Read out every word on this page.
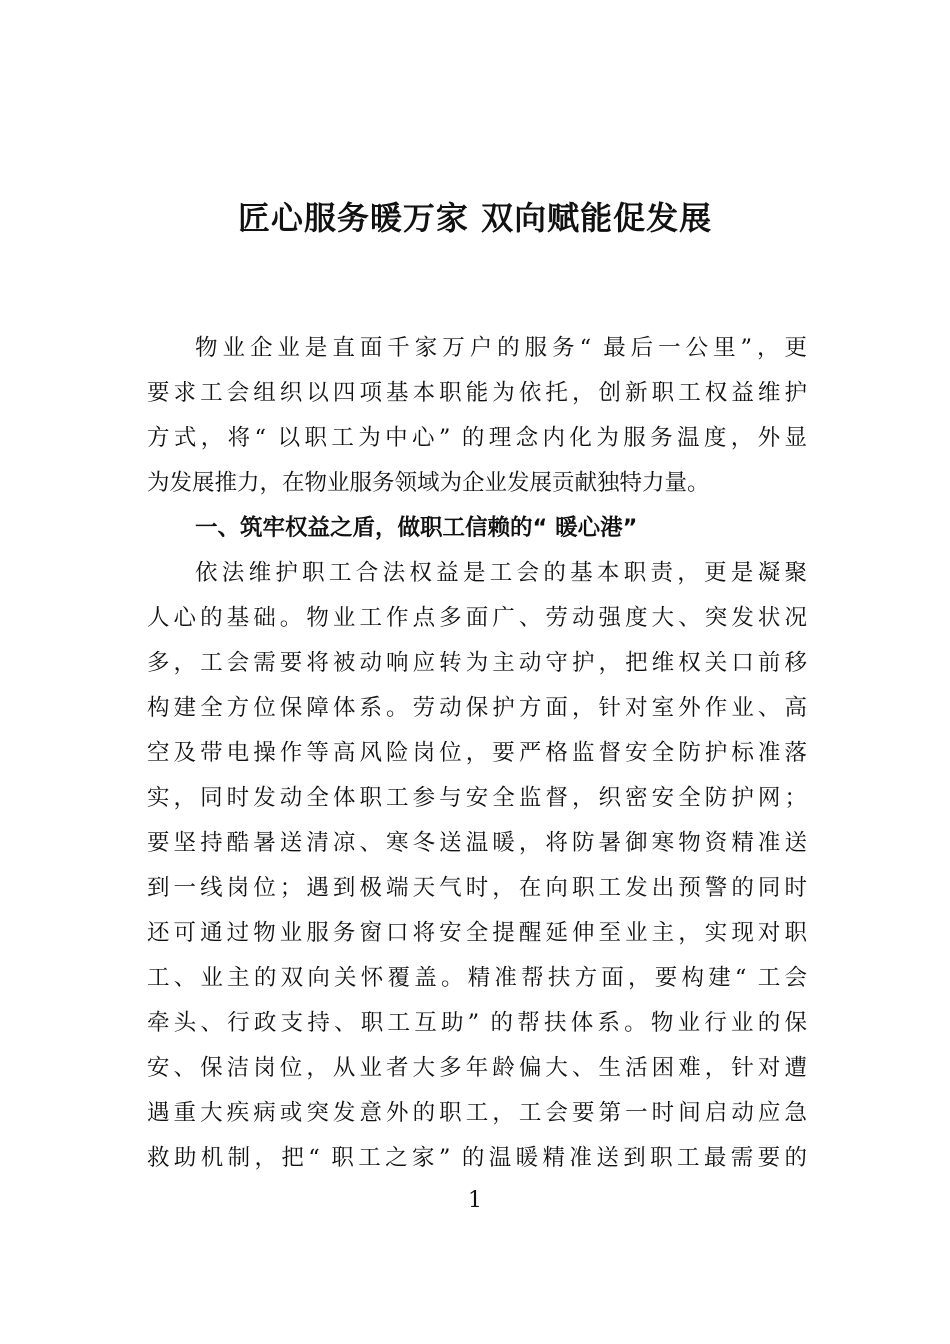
匠心服务暖万家 双向赋能促发展
物业企业是直面千家万户的服务“ 最后一公里”，更
要求工会组织以四项基本职能为依托，创新职工权益维护
方式，将“ 以职工为中心” 的理念内化为服务温度，外显
为发展推力，在物业服务领域为企业发展贡献独特力量。
一、筑牢权益之盾，做职工信赖的“ 暖心港”
依法维护职工合法权益是工会的基本职责，更是凝聚
人心的基础。物业工作点多面广、劳动强度大、突发状况
多，工会需要将被动响应转为主动守护，把维权关口前移
构建全方位保障体系。劳动保护方面，针对室外作业、高
空及带电操作等高风险岗位，要严格监督安全防护标准落
实，同时发动全体职工参与安全监督，织密安全防护网；
要坚持酷暑送清凉、寒冬送温暖，将防暑御寒物资精准送
到一线岗位；遇到极端天气时，在向职工发出预警的同时
还可通过物业服务窗口将安全提醒延伸至业主，实现对职
工、业主的双向关怀覆盖。精准帮扶方面，要构建“ 工会
牵头、行政支持、职工互助” 的帮扶体系。物业行业的保
安、保洁岗位，从业者大多年龄偏大、生活困难，针对遭
遇重大疾病或突发意外的职工，工会要第一时间启动应急
救助机制，把“ 职工之家” 的温暖精准送到职工最需要的
1
